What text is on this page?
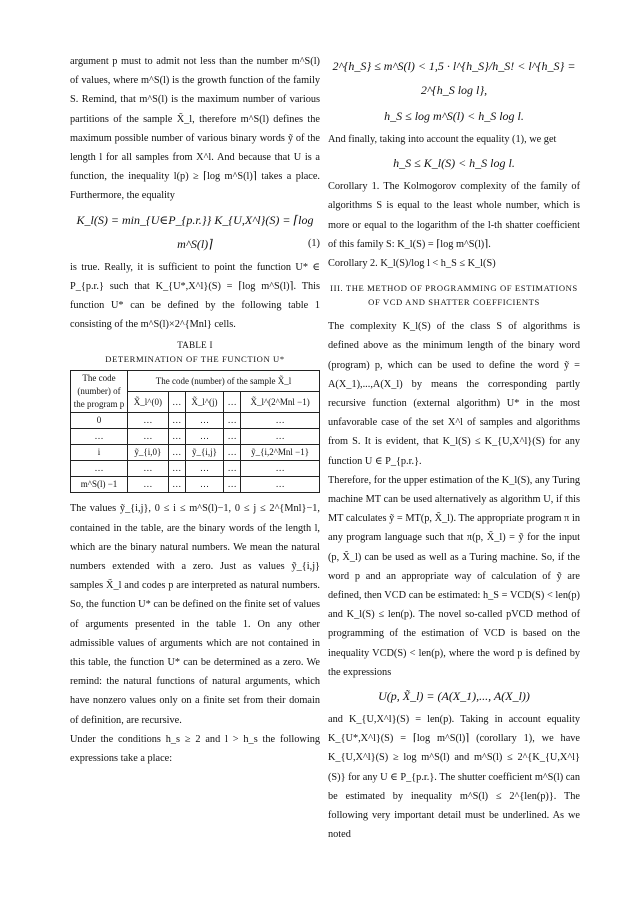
argument p must to admit not less than the number m^S(l) of values, where m^S(l) is the growth function of the family S. Remind, that m^S(l) is the maximum number of various partitions of the sample X̃_l, therefore m^S(l) defines the maximum possible number of various binary words ỹ of the length l for all samples from X^l. And because that U is a function, the inequality l(p) ≥ ⌈log m^S(l)⌉ takes a place. Furthermore, the equality

K_l(S) = min_{U∈P_{p.r.}} K_{U,X^l}(S) = ⌈log m^S(l)⌉	(1)

is true. Really, it is sufficient to point the function U* ∈ P_{p.r.} such that K_{U*,X^l}(S) = ⌈log m^S(l)⌉. This function U* can be defined by the following table 1 consisting of the m^S(l)×2^{Mnl} cells.

TABLE I

DETERMINATION OF THE FUNCTION U*

The code (number) of the program p	The code (number) of the sample X̃_l				
	X̃_l^(0)	…	X̃_l^(j)	…	X̃_l^(2^Mnl −1)
0	…	…	…	…	…
…	…	…	…	…	…
i	ỹ_{i,0}	…	ỹ_{i,j}	…	ỹ_{i,2^Mnl −1}
…	…	…	…	…	…
m^S(l) −1	…	…	…	…	…

The values ỹ_{i,j}, 0 ≤ i ≤ m^S(l)−1, 0 ≤ j ≤ 2^{Mnl}−1, contained in the table, are the binary words of the length l, which are the binary natural numbers. We mean the natural numbers extended with a zero. Just as values ỹ_{i,j} samples X̃_l and codes p are interpreted as natural numbers. So, the function U* can be defined on the finite set of values of arguments presented in the table 1. On any other admissible values of arguments which are not contained in this table, the function U* can be determined as a zero. We remind: the natural functions of natural arguments, which have nonzero values only on a finite set from their domain of definition, are recursive.

Under the conditions h_s ≥ 2 and l > h_s the following expressions take a place:

2^{h_S} ≤ m^S(l) < 1,5 · l^{h_S}/h_S! < l^{h_S} = 2^{h_S log l},
h_S ≤ log m^S(l) < h_S log l.

And finally, taking into account the equality (1), we get

h_S ≤ K_l(S) < h_S log l.

Corollary 1. The Kolmogorov complexity of the family of algorithms S is equal to the least whole number, which is more or equal to the logarithm of the l-th shatter coefficient of this family S: K_l(S) = ⌈log m^S(l)⌉.

Corollary 2. K_l(S)/log l < h_S ≤ K_l(S)

III. THE METHOD OF PROGRAMMING OF ESTIMATIONS OF VCD AND SHATTER COEFFICIENTS

The complexity K_l(S) of the class S of algorithms is defined above as the minimum length of the binary word (program) p, which can be used to define the word ỹ = A(X_1),...,A(X_l) by means the corresponding partly recursive function (external algorithm) U* in the most unfavorable case of the set X^l of samples and algorithms from S. It is evident, that K_l(S) ≤ K_{U,X^l}(S) for any function U ∈ P_{p.r.}.

Therefore, for the upper estimation of the K_l(S), any Turing machine MT can be used alternatively as algorithm U, if this MT calculates ỹ = MT(p, X̃_l). The appropriate program π in any program language such that π(p, X̃_l) = ỹ for the input (p, X̃_l) can be used as well as a Turing machine. So, if the word p and an appropriate way of calculation of ỹ are defined, then VCD can be estimated: h_S = VCD(S) < len(p) and K_l(S) ≤ len(p). The novel so-called pVCD method of programming of the estimation of VCD is based on the inequality VCD(S) < len(p), where the word p is defined by the expressions

U(p, X̃_l) = (A(X_1),..., A(X_l))

and K_{U,X^l}(S) = len(p). Taking in account equality K_{U*,X^l}(S) = ⌈log m^S(l)⌉ (corollary 1), we have K_{U,X^l}(S) ≥ log m^S(l) and m^S(l) ≤ 2^{K_{U,X^l}(S)} for any U ∈ P_{p.r.}. The shutter coefficient m^S(l) can be estimated by inequality m^S(l) ≤ 2^{len(p)}. The following very important detail must be underlined. As we noted
